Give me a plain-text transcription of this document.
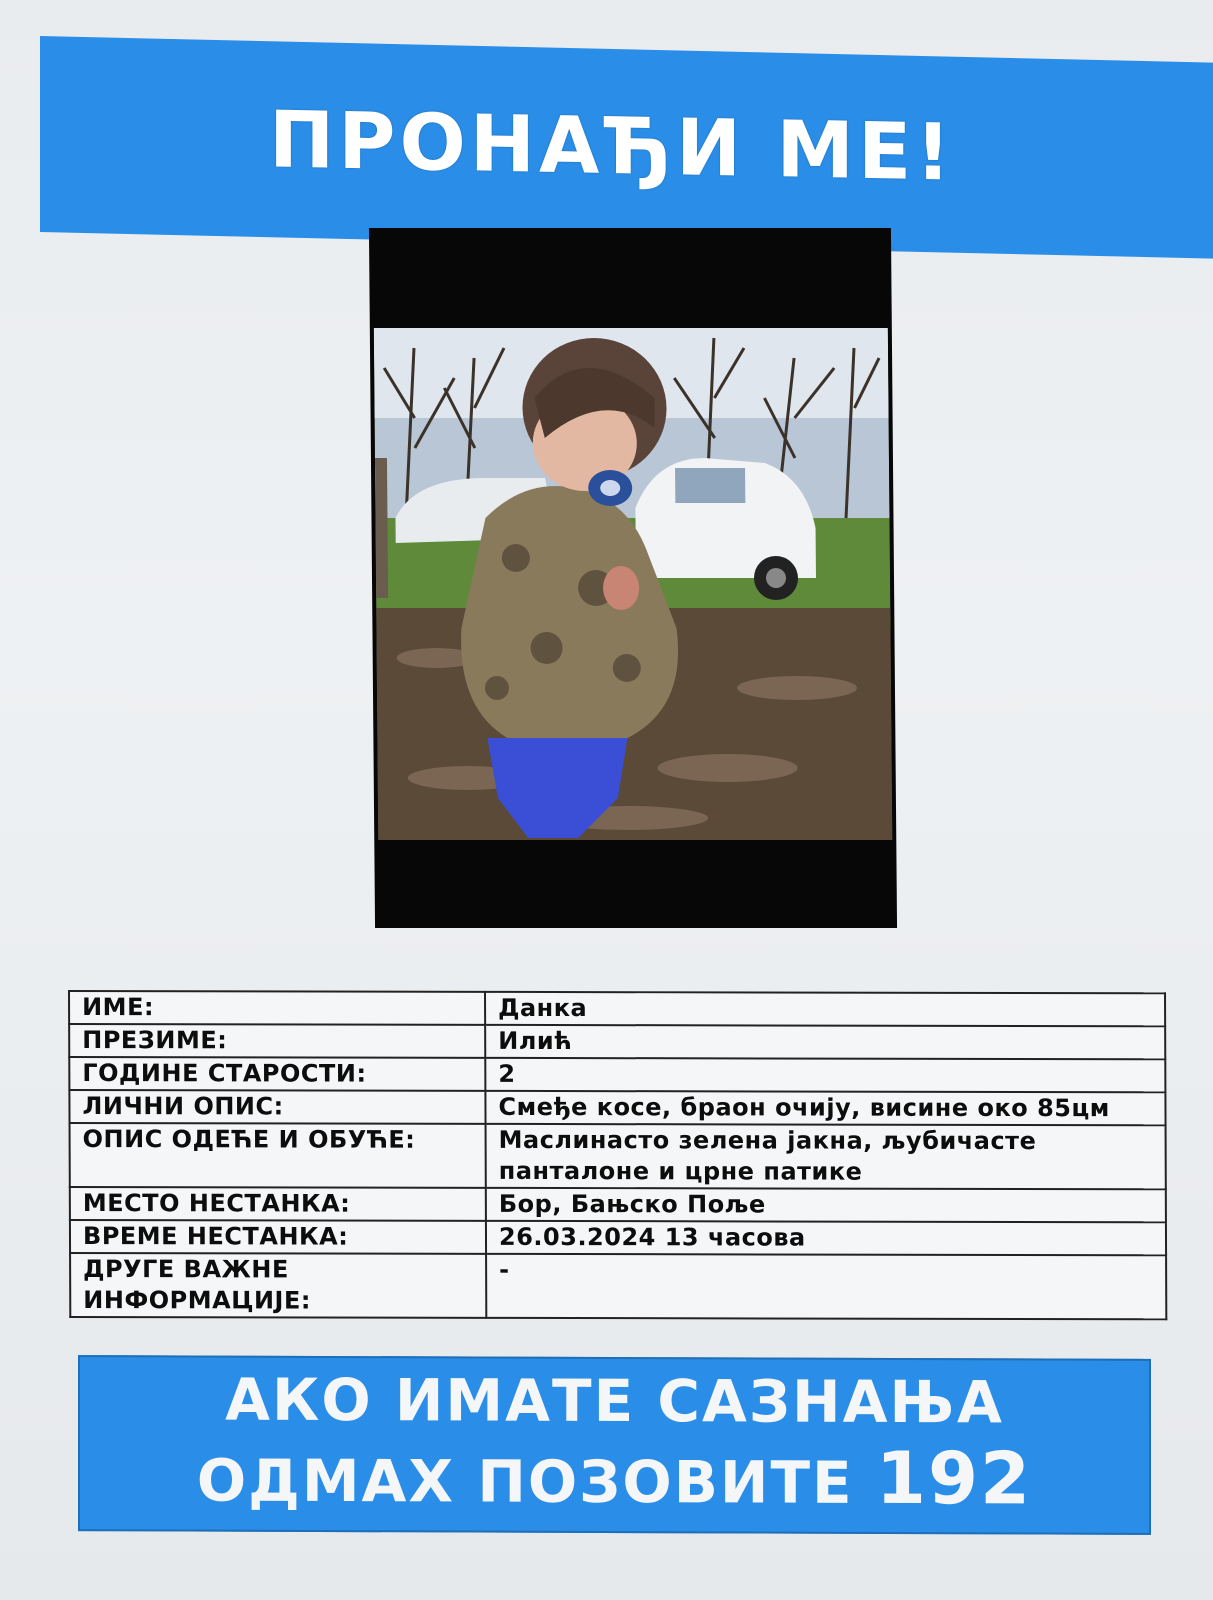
ПРОНАЂИ МЕ!
ИМЕ:	Данка
ПРЕЗИМЕ:	Илић
ГОДИНЕ СТАРОСТИ:	2
ЛИЧНИ ОПИС:	Смеђе косе, браон очију, висине око 85цм
ОПИС ОДЕЋЕ И ОБУЋЕ:	Маслинасто зелена јакна, љубичасте панталоне и црне патике
МЕСТО НЕСТАНКА:	Бор, Бањско Поље
ВРЕМЕ НЕСТАНКА:	26.03.2024 13 часова
ДРУГЕ ВАЖНЕ ИНФОРМАЦИЈЕ:	-
АКО ИМАТЕ САЗНАЊА
ОДМАХ ПОЗОВИТЕ 192
